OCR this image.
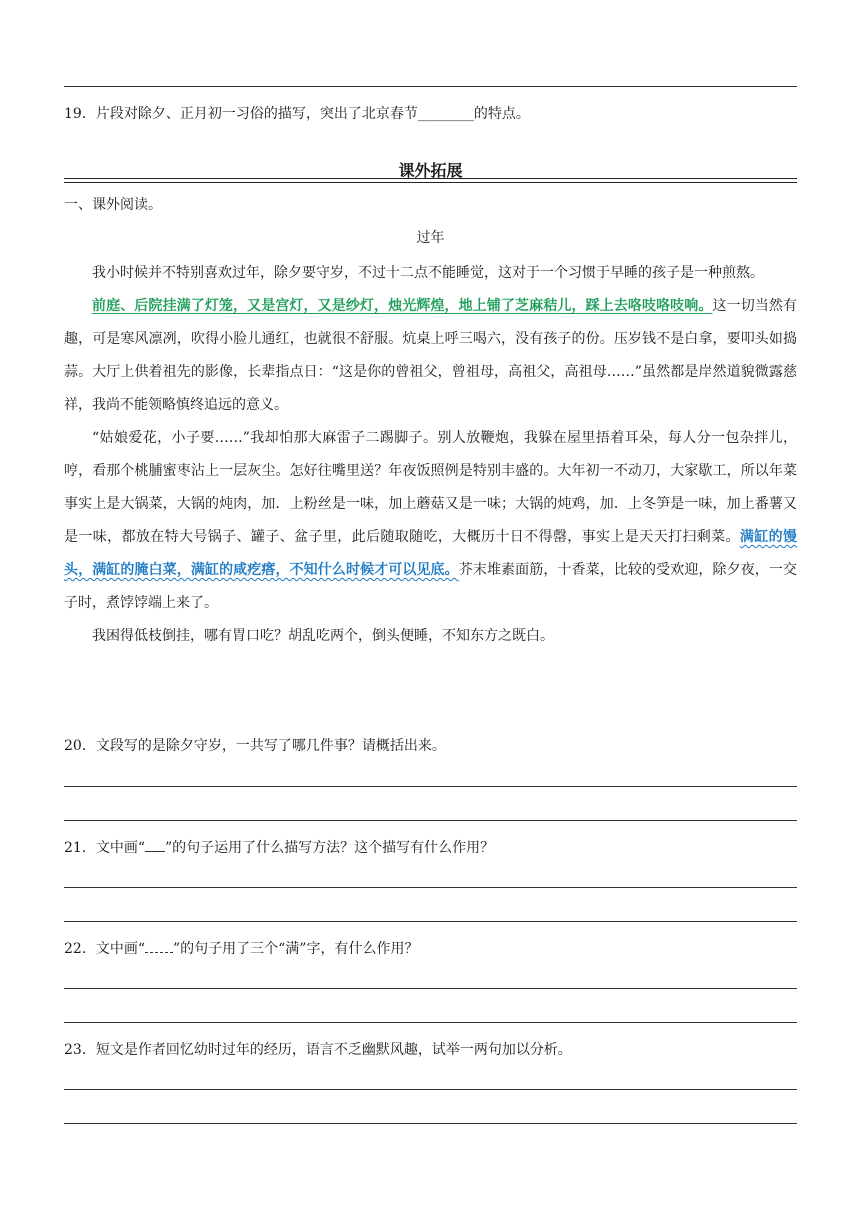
19．片段对除夕、正月初一习俗的描写，突出了北京春节________的特点。
课外拓展
一、课外阅读。
过年

我小时候并不特别喜欢过年，除夕要守岁，不过十二点不能睡觉，这对于一个习惯于早睡的孩子是一种煎熬。

前庭、后院挂满了灯笼，又是宫灯，又是纱灯，烛光辉煌，地上铺了芝麻秸儿，踩上去咯吱咯吱响。这一切当然有趣，可是寒风凛冽，吹得小脸儿通红，也就很不舒服。炕桌上呼三喝六，没有孩子的份。压岁钱不是白拿，要叩头如捣蒜。大厅上供着祖先的影像，长辈指点日：“这是你的曾祖父，曾祖母，高祖父，高祖母……”虽然都是岸然道貌微露慈祥，我尚不能领略慎终追远的意义。

“姑娘爱花，小子要……”我却怕那大麻雷子二踢脚子。别人放鞭炮，我躲在屋里捂着耳朵，每人分一包杂拌儿，哼，看那个桃脯蜜枣沾上一层灰尘。怎好往嘴里送？年夜饭照例是特别丰盛的。大年初一不动刀，大家歇工，所以年菜事实上是大锅菜，大锅的炖肉，加．上粉丝是一味，加上蘑菇又是一味；大锅的炖鸡，加．上冬笋是一味，加上番薯又是一味，都放在特大号锅子、罐子、盆子里，此后随取随吃，大概历十日不得罄，事实上是天天打扫剩菜。满缸的馒头，满缸的腌白菜，满缸的咸疙瘩，不知什么时候才可以见底。芥末堆素面筋，十香菜，比较的受欢迎，除夕夜，一交子时，煮饽饽端上来了。

我困得低枝倒挂，哪有胃口吃？胡乱吃两个，倒头便睡，不知东方之既白。

20．文段写的是除夕守岁，一共写了哪几件事？请概括出来。
21．文中画“ ”的句子运用了什么描写方法？这个描写有什么作用？
22．文中画“ ”的句子用了三个“满”字，有什么作用？
23．短文是作者回忆幼时过年的经历，语言不乏幽默风趣，试举一两句加以分析。
